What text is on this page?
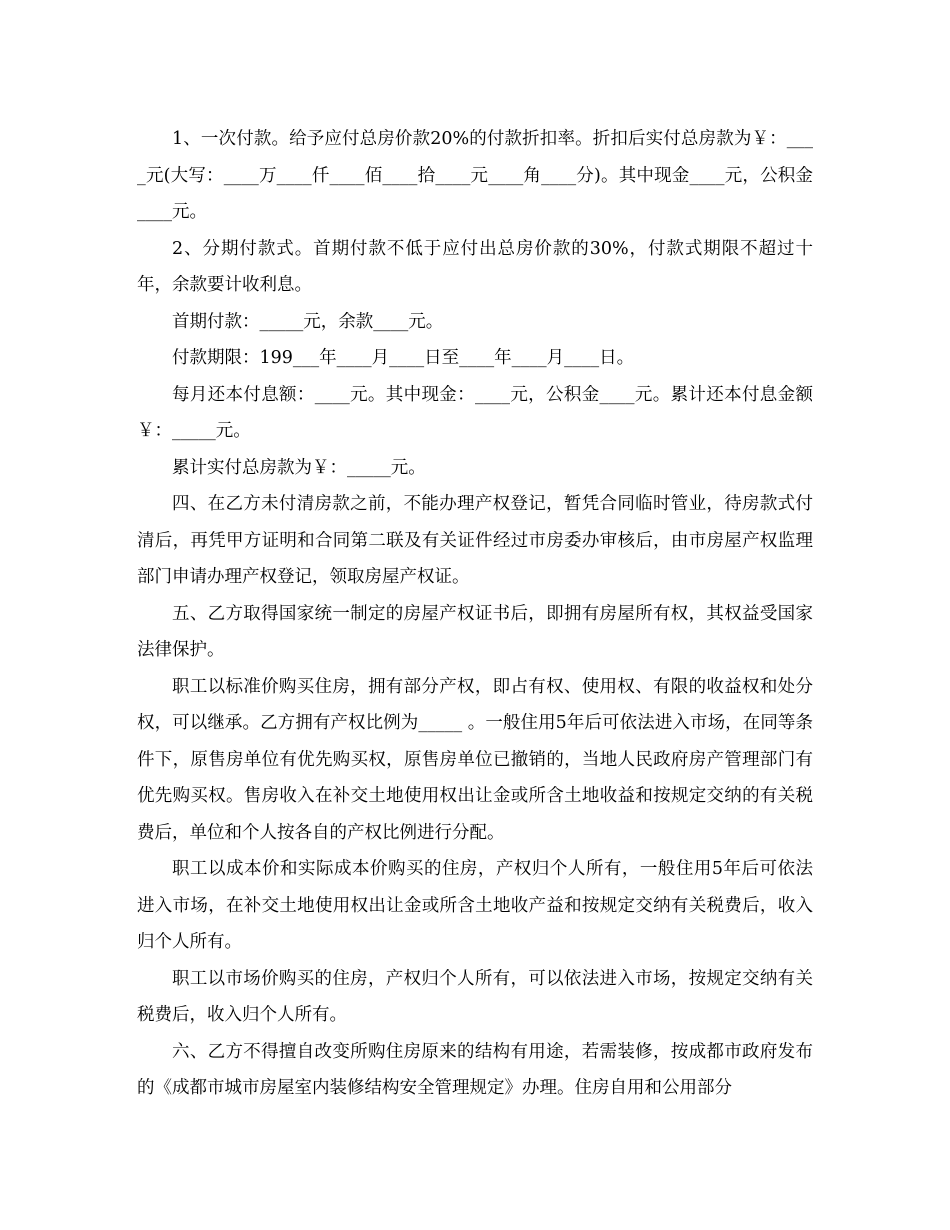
1、一次付款。给予应付总房价款20%的付款折扣率。折扣后实付总房款为￥：____元(大写：____万____仟____佰____拾____元____角____分)。其中现金____元，公积金____元。

2、分期付款式。首期付款不低于应付出总房价款的30%，付款式期限不超过十年，余款要计收利息。

首期付款：_____元，余款____元。

付款期限：199___年____月____日至____年____月____日。

每月还本付息额：____元。其中现金：____元，公积金____元。累计还本付息金额￥：_____元。

累计实付总房款为￥：_____元。

四、在乙方未付清房款之前，不能办理产权登记，暂凭合同临时管业，待房款式付清后，再凭甲方证明和合同第二联及有关证件经过市房委办审核后，由市房屋产权监理部门申请办理产权登记，领取房屋产权证。

五、乙方取得国家统一制定的房屋产权证书后，即拥有房屋所有权，其权益受国家法律保护。

职工以标准价购买住房，拥有部分产权，即占有权、使用权、有限的收益权和处分权，可以继承。乙方拥有产权比例为_____ 。一般住用5年后可依法进入市场，在同等条件下，原售房单位有优先购买权，原售房单位已撤销的，当地人民政府房产管理部门有优先购买权。售房收入在补交土地使用权出让金或所含土地收益和按规定交纳的有关税费后，单位和个人按各自的产权比例进行分配。

职工以成本价和实际成本价购买的住房，产权归个人所有，一般住用5年后可依法进入市场，在补交土地使用权出让金或所含土地收产益和按规定交纳有关税费后，收入归个人所有。

职工以市场价购买的住房，产权归个人所有，可以依法进入市场，按规定交纳有关税费后，收入归个人所有。

六、乙方不得擅自改变所购住房原来的结构有用途，若需装修，按成都市政府发布的《成都市城市房屋室内装修结构安全管理规定》办理。住房自用和公用部分
